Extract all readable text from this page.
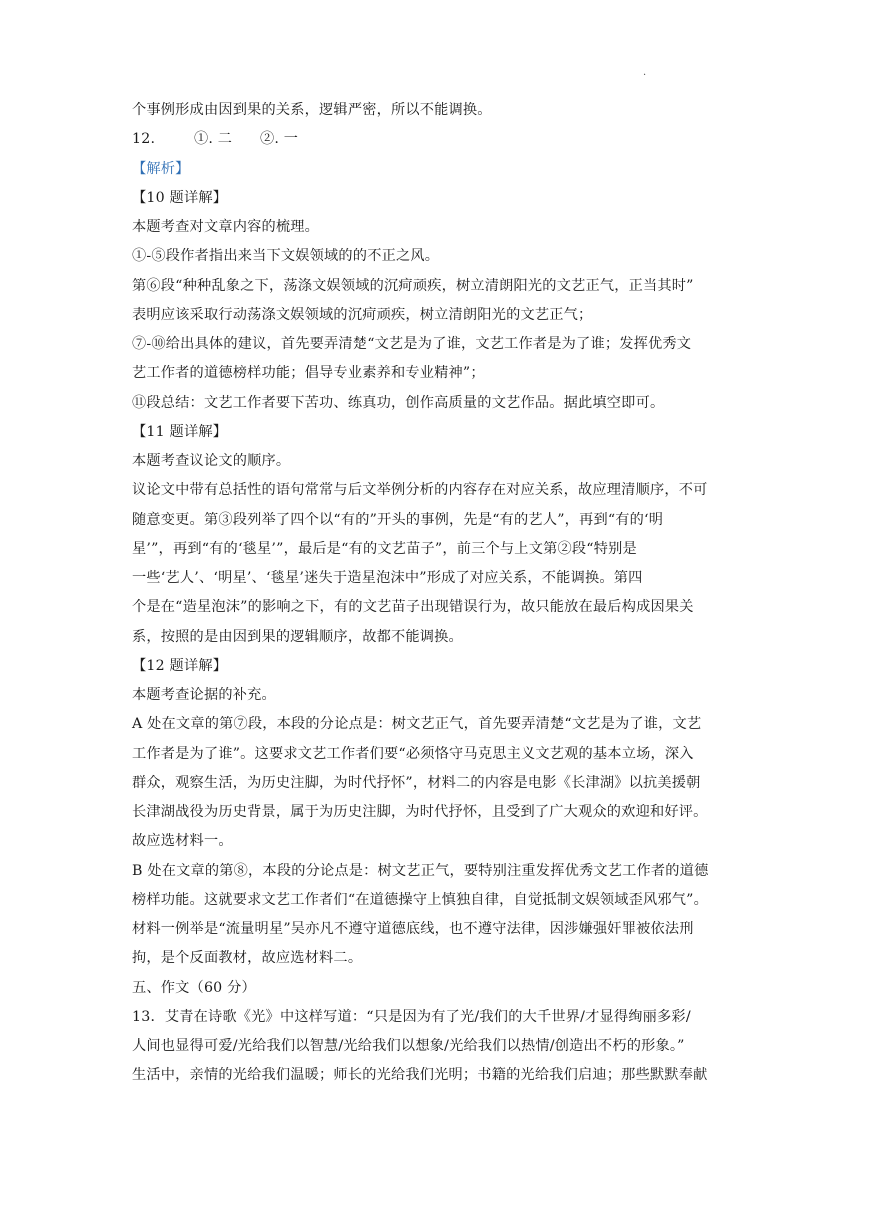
·
个事例形成由因到果的关系，逻辑严密，所以不能调换。
12.	①. 二 ②. 一
【解析】
【10 题详解】
本题考查对文章内容的梳理。
①-⑤段作者指出来当下文娱领域的的不正之风。
第⑥段“种种乱象之下，荡涤文娱领域的沉疴顽疾，树立清朗阳光的文艺正气，正当其时”
表明应该采取行动荡涤文娱领域的沉疴顽疾，树立清朗阳光的文艺正气；
⑦-⑩给出具体的建议，首先要弄清楚“文艺是为了谁，文艺工作者是为了谁；发挥优秀文
艺工作者的道德榜样功能；倡导专业素养和专业精神”；
⑪段总结：文艺工作者要下苦功、练真功，创作高质量的文艺作品。据此填空即可。
【11 题详解】
本题考查议论文的顺序。
议论文中带有总括性的语句常常与后文举例分析的内容存在对应关系，故应理清顺序，不可
随意变更。第③段列举了四个以“有的”开头的事例，先是“有的艺人”，再到“有的‘明
星’”，再到“有的‘毯星’”，最后是“有的文艺苗子”，前三个与上文第②段“特别是
一些‘艺人’、‘明星’、‘毯星’迷失于造星泡沫中”形成了对应关系，不能调换。第四
个是在“造星泡沫”的影响之下，有的文艺苗子出现错误行为，故只能放在最后构成因果关
系，按照的是由因到果的逻辑顺序，故都不能调换。
【12 题详解】
本题考查论据的补充。
A 处在文章的第⑦段，本段的分论点是：树文艺正气，首先要弄清楚“文艺是为了谁，文艺
工作者是为了谁”。这要求文艺工作者们要“必须恪守马克思主义文艺观的基本立场，深入
群众，观察生活，为历史注脚，为时代抒怀”，材料二的内容是电影《长津湖》以抗美援朝
长津湖战役为历史背景，属于为历史注脚，为时代抒怀，且受到了广大观众的欢迎和好评。
故应选材料一。
B 处在文章的第⑧，本段的分论点是：树文艺正气，要特别注重发挥优秀文艺工作者的道德
榜样功能。这就要求文艺工作者们“在道德操守上慎独自律，自觉抵制文娱领域歪风邪气”。
材料一例举是“流量明星”吴亦凡不遵守道德底线，也不遵守法律，因涉嫌强奸罪被依法刑
拘，是个反面教材，故应选材料二。
五、作文（60 分）
13．艾青在诗歌《光》中这样写道：“只是因为有了光/我们的大千世界/才显得绚丽多彩/
人间也显得可爱/光给我们以智慧/光给我们以想象/光给我们以热情/创造出不朽的形象。”
生活中，亲情的光给我们温暖；师长的光给我们光明；书籍的光给我们启迪；那些默默奉献
